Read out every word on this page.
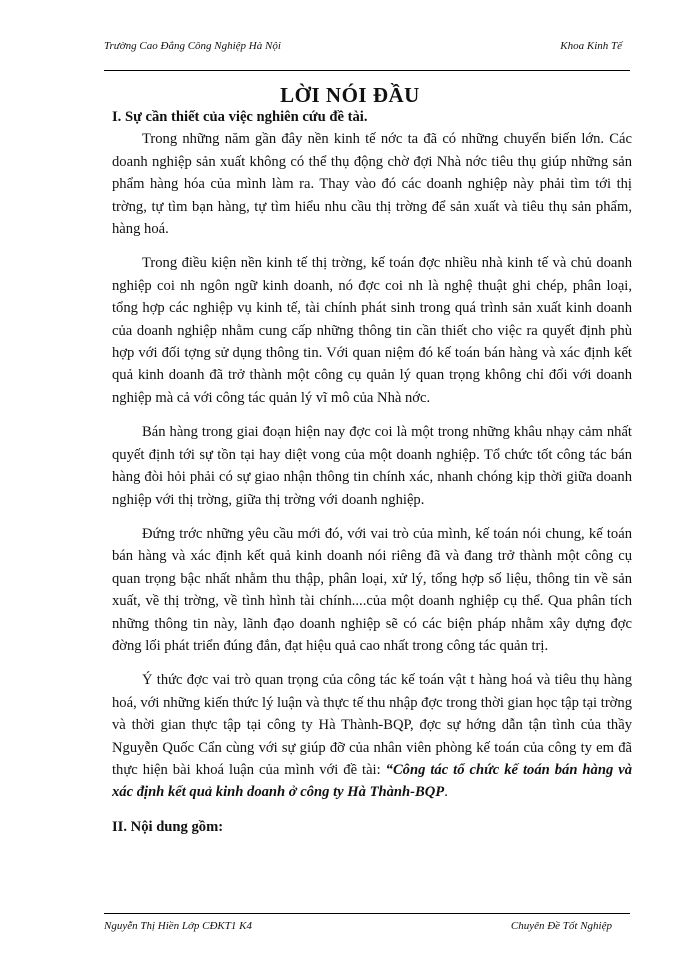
Trường Cao Đẳng Công Nghiệp Hà Nội	Khoa Kinh Tế
LỜI NÓI ĐẦU
I. Sự cần thiết của việc nghiên cứu đề tài.

Trong những năm gần đây nền kinh tế nớc ta đã có những chuyển biến lớn. Các doanh nghiệp sản xuất không có thể thụ động chờ đợi Nhà nớc tiêu thụ giúp những sản phẩm hàng hóa của mình làm ra. Thay vào đó các doanh nghiệp này phải tìm tới thị trờng, tự tìm bạn hàng, tự tìm hiểu nhu cầu thị trờng để sản xuất và tiêu thụ sản phẩm, hàng hoá.

Trong điều kiện nền kinh tế thị trờng, kế toán đợc nhiều nhà kinh tế và chủ doanh nghiệp coi nh ngôn ngữ kinh doanh, nó đợc coi nh là nghệ thuật ghi chép, phân loại, tổng hợp các nghiệp vụ kinh tế, tài chính phát sinh trong quá trình sản xuất kinh doanh của doanh nghiệp nhằm cung cấp những thông tin cần thiết cho việc ra quyết định phù hợp với đối tợng sử dụng thông tin. Với quan niệm đó kế toán bán hàng và xác định kết quả kinh doanh đã trở thành một công cụ quản lý quan trọng không chỉ đối với doanh nghiệp mà cả với công tác quản lý vĩ mô của Nhà nớc.

Bán hàng trong giai đoạn hiện nay đợc coi là một trong những khâu nhạy cảm nhất quyết định tới sự tồn tại hay diệt vong của một doanh nghiệp. Tổ chức tốt công tác bán hàng đòi hỏi phải có sự giao nhận thông tin chính xác, nhanh chóng kịp thời giữa doanh nghiệp với thị trờng, giữa thị trờng với doanh nghiệp.

Đứng trớc những yêu cầu mới đó, với vai trò của mình, kế toán nói chung, kế toán bán hàng và xác định kết quả kinh doanh nói riêng đã và đang trở thành một công cụ quan trọng bậc nhất nhằm thu thập, phân loại, xử lý, tổng hợp số liệu, thông tin về sản xuất, về thị trờng, về tình hình tài chính....của một doanh nghiệp cụ thể. Qua phân tích những thông tin này, lãnh đạo doanh nghiệp sẽ có các biện pháp nhằm xây dựng đợc đờng lối phát triển đúng đắn, đạt hiệu quả cao nhất trong công tác quản trị.

Ý thức đợc vai trò quan trọng của công tác kế toán vật t hàng hoá và tiêu thụ hàng hoá, với những kiến thức lý luận và thực tế thu nhập đợc trong thời gian học tập tại trờng và thời gian thực tập tại công ty Hà Thành-BQP, đợc sự hớng dẫn tận tình của thầy Nguyễn Quốc Cẩn cùng với sự giúp đỡ của nhân viên phòng kế toán của công ty em đã thực hiện bài khoá luận của mình với đề tài: “Công tác tổ chức kế toán bán hàng và xác định kết quả kinh doanh ở công ty Hà Thành-BQP.

II. Nội dung gồm:
Nguyễn Thị Hiền Lớp CĐKT1 K4	Chuyên Đề Tốt Nghiệp
